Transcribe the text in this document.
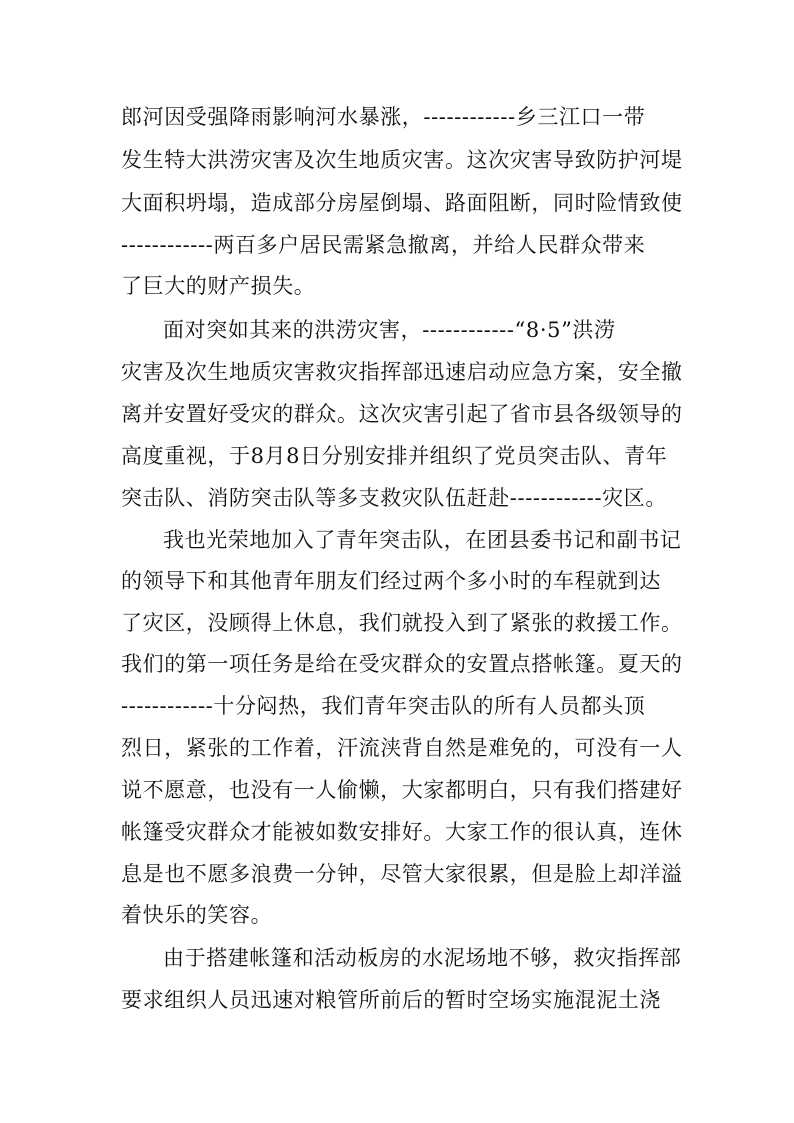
郎河因受强降雨影响河水暴涨，------------乡三江口一带
发生特大洪涝灾害及次生地质灾害。这次灾害导致防护河堤
大面积坍塌，造成部分房屋倒塌、路面阻断，同时险情致使
------------两百多户居民需紧急撤离，并给人民群众带来
了巨大的财产损失。
面对突如其来的洪涝灾害，------------“8·5”洪涝
灾害及次生地质灾害救灾指挥部迅速启动应急方案，安全撤
离并安置好受灾的群众。这次灾害引起了省市县各级领导的
高度重视，于8月8日分别安排并组织了党员突击队、青年
突击队、消防突击队等多支救灾队伍赶赴------------灾区。
我也光荣地加入了青年突击队，在团县委书记和副书记
的领导下和其他青年朋友们经过两个多小时的车程就到达
了灾区，没顾得上休息，我们就投入到了紧张的救援工作。
我们的第一项任务是给在受灾群众的安置点搭帐篷。夏天的
------------十分闷热，我们青年突击队的所有人员都头顶
烈日，紧张的工作着，汗流浃背自然是难免的，可没有一人
说不愿意，也没有一人偷懒，大家都明白，只有我们搭建好
帐篷受灾群众才能被如数安排好。大家工作的很认真，连休
息是也不愿多浪费一分钟，尽管大家很累，但是脸上却洋溢
着快乐的笑容。
由于搭建帐篷和活动板房的水泥场地不够，救灾指挥部
要求组织人员迅速对粮管所前后的暂时空场实施混泥土浇
